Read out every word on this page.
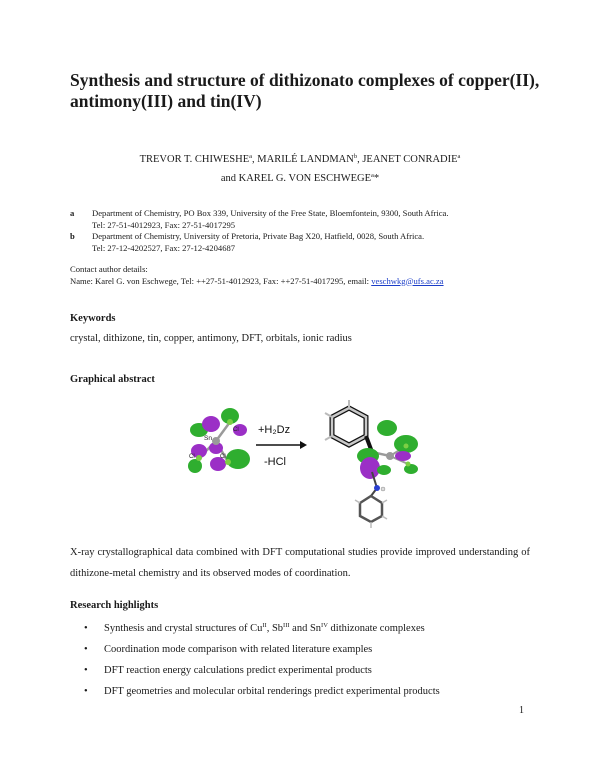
Synthesis and structure of dithizonato complexes of copper(II), antimony(III) and tin(IV)
TREVOR T. CHIWESHE$^a$, MARILÉ LANDMAN$^b$, JEANET CONRADIE$^a$
and KAREL G. VON ESCHWEGE$^a$*
a Department of Chemistry, PO Box 339, University of the Free State, Bloemfontein, 9300, South Africa.
Tel: 27-51-4012923, Fax: 27-51-4017295
b Department of Chemistry, University of Pretoria, Private Bag X20, Hatfield, 0028, South Africa.
Tel: 27-12-4202527, Fax: 27-12-4204687
Contact author details:
Name: Karel G. von Eschwege, Tel: ++27-51-4012923, Fax: ++27-51-4017295, email: veschwkg@ufs.ac.za
Keywords
crystal, dithizone, tin, copper, antimony, DFT, orbitals, ionic radius
Graphical abstract
Sn
Cl
Cl	Cl
+H₂Dz
-HCl
X-ray crystallographical data combined with DFT computational studies provide improved understanding of dithizone-metal chemistry and its observed modes of coordination.
Research highlights
• Synthesis and crystal structures of $Cu^{II}$, $Sb^{III}$ and $Sn^{IV}$ dithizonate complexes
• Coordination mode comparison with related literature examples
• DFT reaction energy calculations predict experimental products
• DFT geometries and molecular orbital renderings predict experimental products
1
